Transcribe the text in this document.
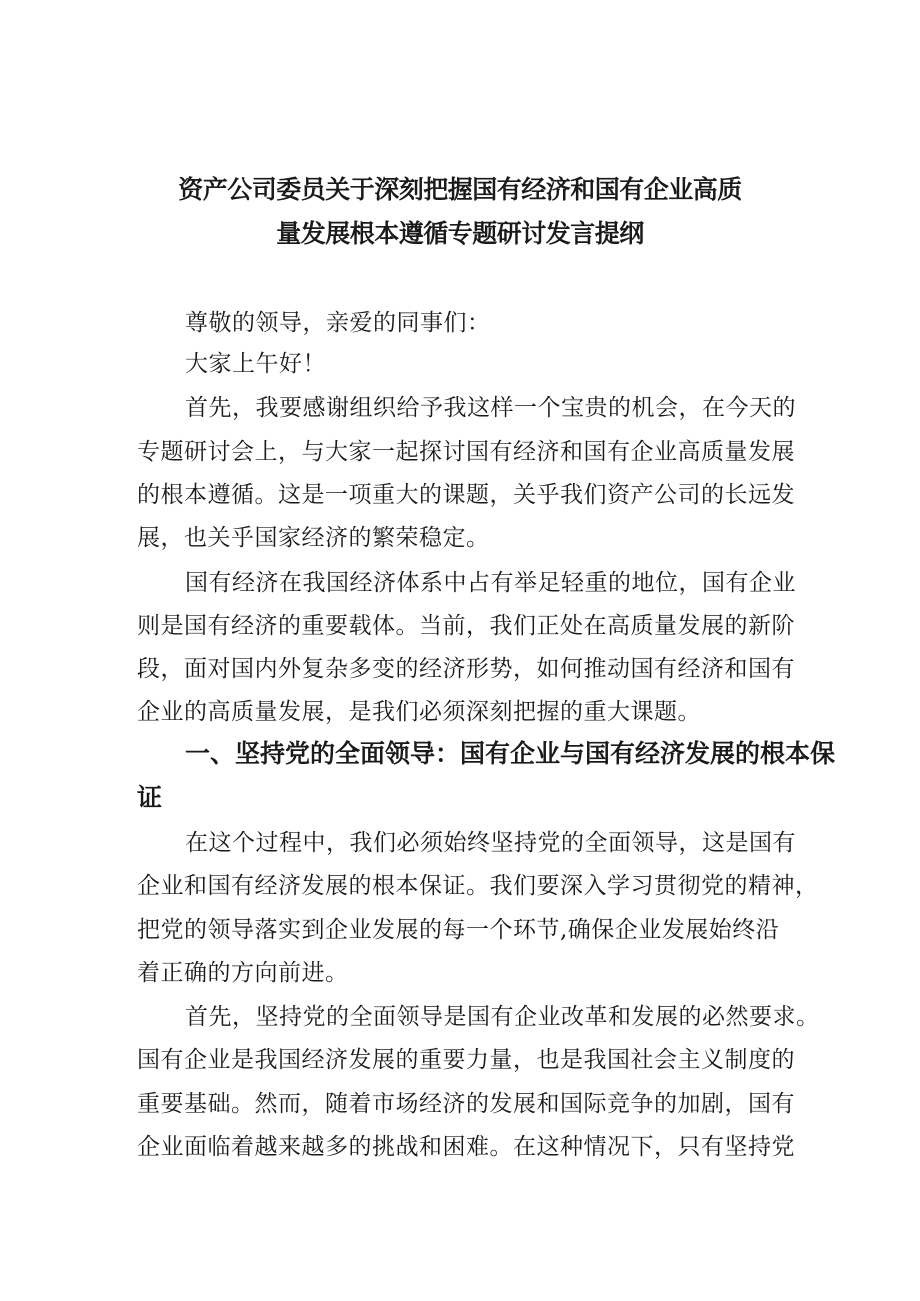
资产公司委员关于深刻把握国有经济和国有企业高质
量发展根本遵循专题研讨发言提纲
尊敬的领导，亲爱的同事们：
大家上午好！
首先，我要感谢组织给予我这样一个宝贵的机会，在今天的
专题研讨会上，与大家一起探讨国有经济和国有企业高质量发展
的根本遵循。这是一项重大的课题，关乎我们资产公司的长远发
展，也关乎国家经济的繁荣稳定。
国有经济在我国经济体系中占有举足轻重的地位，国有企业
则是国有经济的重要载体。当前，我们正处在高质量发展的新阶
段，面对国内外复杂多变的经济形势，如何推动国有经济和国有
企业的高质量发展，是我们必须深刻把握的重大课题。
一、坚持党的全面领导：国有企业与国有经济发展的根本保
证
在这个过程中，我们必须始终坚持党的全面领导，这是国有
企业和国有经济发展的根本保证。我们要深入学习贯彻党的精神，
把党的领导落实到企业发展的每一个环节,确保企业发展始终沿
着正确的方向前进。
首先，坚持党的全面领导是国有企业改革和发展的必然要求。
国有企业是我国经济发展的重要力量，也是我国社会主义制度的
重要基础。然而，随着市场经济的发展和国际竞争的加剧，国有
企业面临着越来越多的挑战和困难。在这种情况下，只有坚持党
